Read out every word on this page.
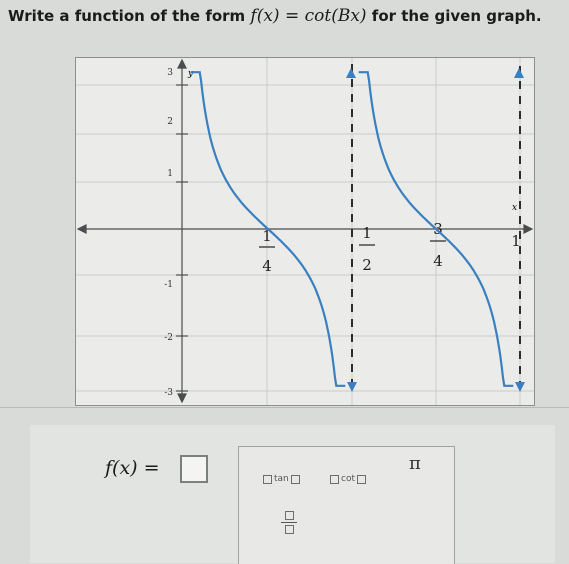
Write a function of the form f(x) = cot(Bx) for the given graph.
y
x
3
2
1
-1
-2
-3
1
4
1
2
3
4
1
f(x) =	tan	cot
π
